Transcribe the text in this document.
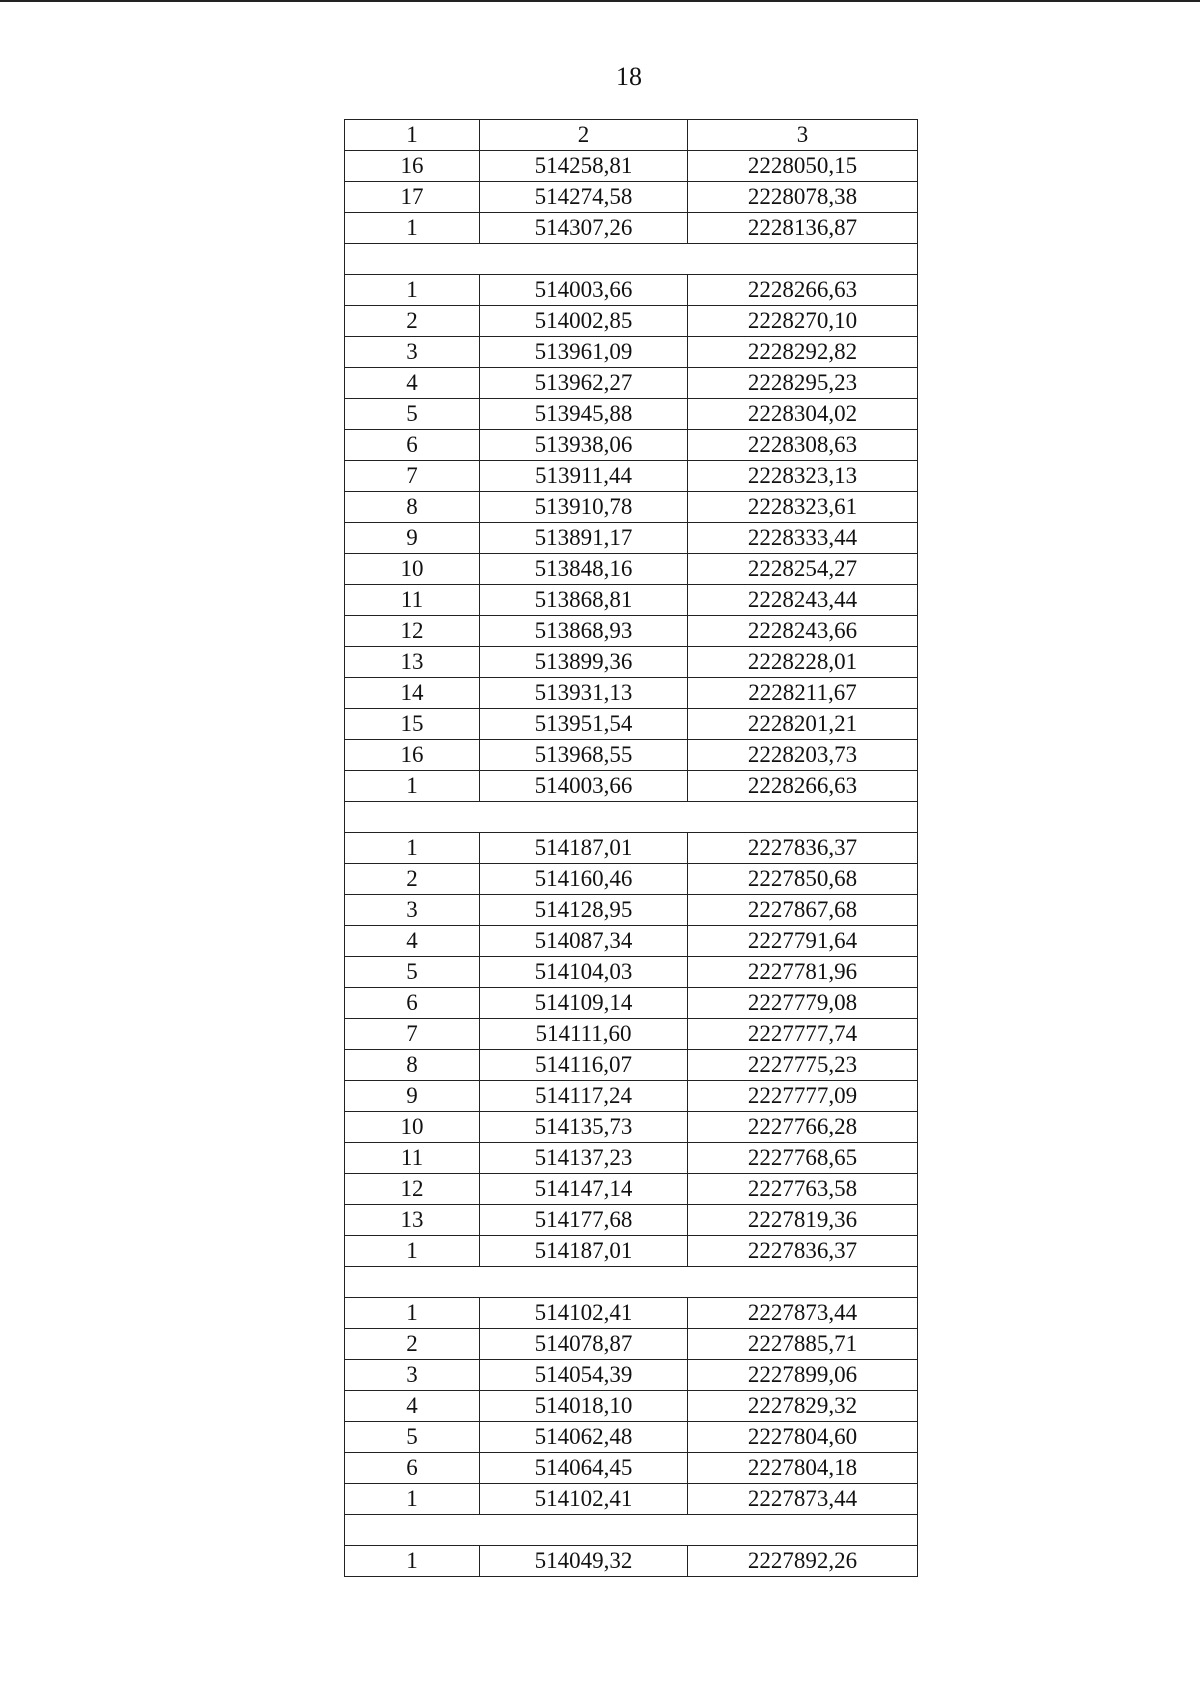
18
1	2	3
16	514258,81	2228050,15
17	514274,58	2228078,38
1	514307,26	2228136,87

1	514003,66	2228266,63
2	514002,85	2228270,10
3	513961,09	2228292,82
4	513962,27	2228295,23
5	513945,88	2228304,02
6	513938,06	2228308,63
7	513911,44	2228323,13
8	513910,78	2228323,61
9	513891,17	2228333,44
10	513848,16	2228254,27
11	513868,81	2228243,44
12	513868,93	2228243,66
13	513899,36	2228228,01
14	513931,13	2228211,67
15	513951,54	2228201,21
16	513968,55	2228203,73
1	514003,66	2228266,63

1	514187,01	2227836,37
2	514160,46	2227850,68
3	514128,95	2227867,68
4	514087,34	2227791,64
5	514104,03	2227781,96
6	514109,14	2227779,08
7	514111,60	2227777,74
8	514116,07	2227775,23
9	514117,24	2227777,09
10	514135,73	2227766,28
11	514137,23	2227768,65
12	514147,14	2227763,58
13	514177,68	2227819,36
1	514187,01	2227836,37

1	514102,41	2227873,44
2	514078,87	2227885,71
3	514054,39	2227899,06
4	514018,10	2227829,32
5	514062,48	2227804,60
6	514064,45	2227804,18
1	514102,41	2227873,44

1	514049,32	2227892,26
